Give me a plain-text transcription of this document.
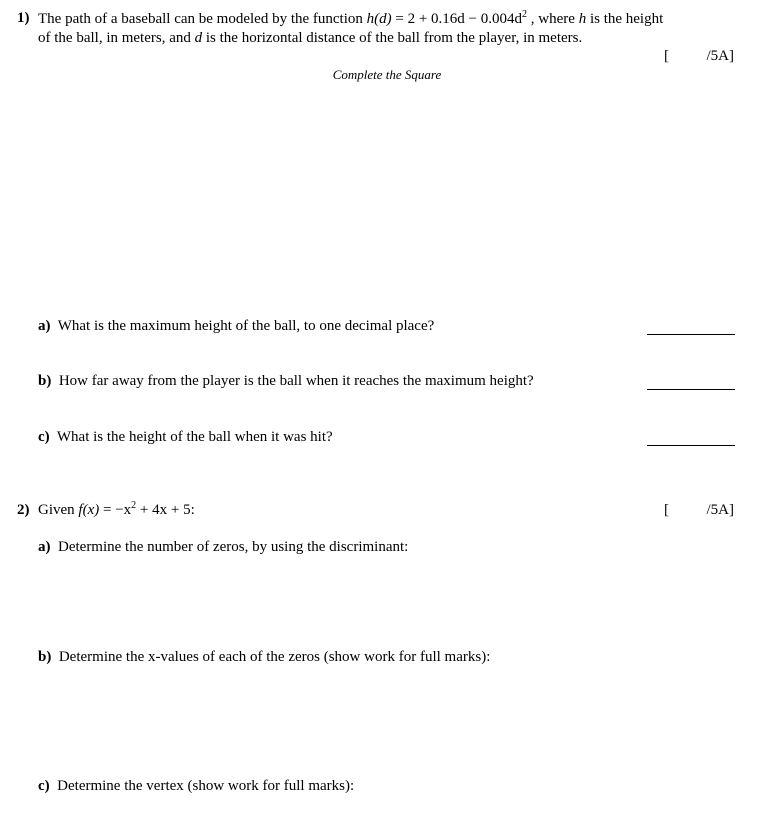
1) The path of a baseball can be modeled by the function $h(d) = 2 + 0.16d - 0.004d^2$ , where h is the height
of the ball, in meters, and d is the horizontal distance of the ball from the player, in meters.
[	/5A]
Complete the Square
a) What is the maximum height of the ball, to one decimal place?
b) How far away from the player is the ball when it reaches the maximum height?
c) What is the height of the ball when it was hit?
2) Given $f(x) = -x^2 + 4x + 5$:	[	/5A]
a) Determine the number of zeros, by using the discriminant:
b) Determine the x-values of each of the zeros (show work for full marks):
c) Determine the vertex (show work for full marks):
